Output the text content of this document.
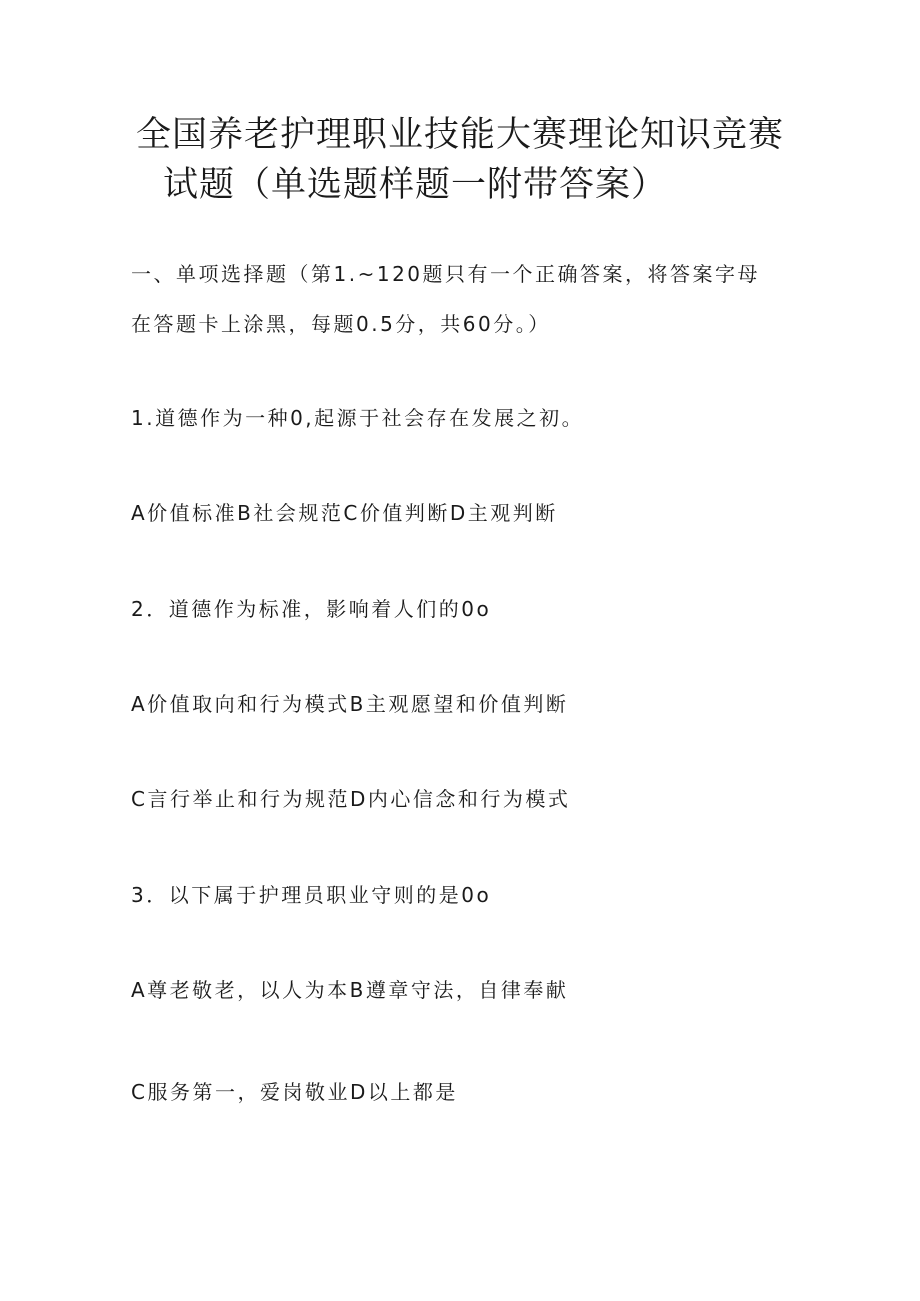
全国养老护理职业技能大赛理论知识竞赛
试题（单选题样题一附带答案）
一、单项选择题（第1.~120题只有一个正确答案，将答案字母
在答题卡上涂黑，每题0.5分，共60分。）
1.道德作为一种0,起源于社会存在发展之初。
A价值标准B社会规范C价值判断D主观判断
2．道德作为标准，影响着人们的0o
A价值取向和行为模式B主观愿望和价值判断
C言行举止和行为规范D内心信念和行为模式
3．以下属于护理员职业守则的是0o
A尊老敬老，以人为本B遵章守法，自律奉献
C服务第一，爱岗敬业D以上都是
